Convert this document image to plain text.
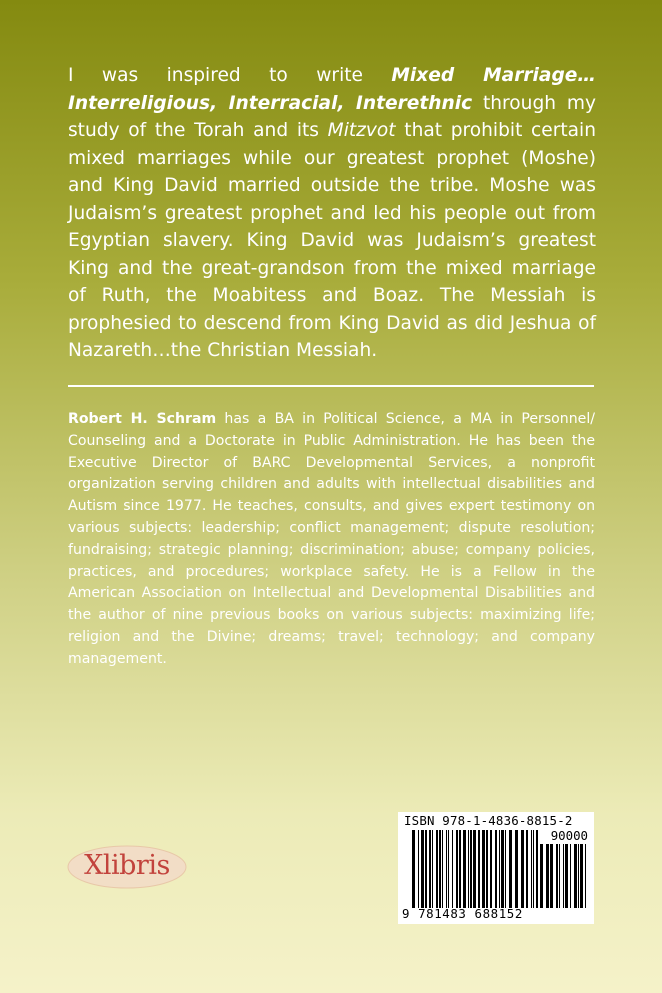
I was inspired to write Mixed Marriage…Interreligious, Interracial, Interethnic through my study of the Torah and its Mitzvot that prohibit certain mixed marriages while our greatest prophet (Moshe) and King David married outside the tribe. Moshe was Judaism’s greatest prophet and led his people out from Egyptian slavery. King David was Judaism’s greatest King and the great-grandson from the mixed marriage of Ruth, the Moabitess and Boaz. The Messiah is prophesied to descend from King David as did Jeshua of Nazareth…the Christian Messiah.
Robert H. Schram has a BA in Political Science, a MA in Personnel/ Counseling and a Doctorate in Public Administration. He has been the Executive Director of BARC Developmental Services, a nonprofit organization serving children and adults with intellectual disabilities and Autism since 1977. He teaches, consults, and gives expert testimony on various subjects: leadership; conflict management; dispute resolution; fundraising; strategic planning; discrimination; abuse; company policies, practices, and procedures; workplace safety. He is a Fellow in the American Association on Intellectual and Developmental Disabilities and the author of nine previous books on various subjects: maximizing life; religion and the Divine; dreams; travel; technology; and company management.
Xlibris
ISBN 978-1-4836-8815-2
90000
9 781483 688152
